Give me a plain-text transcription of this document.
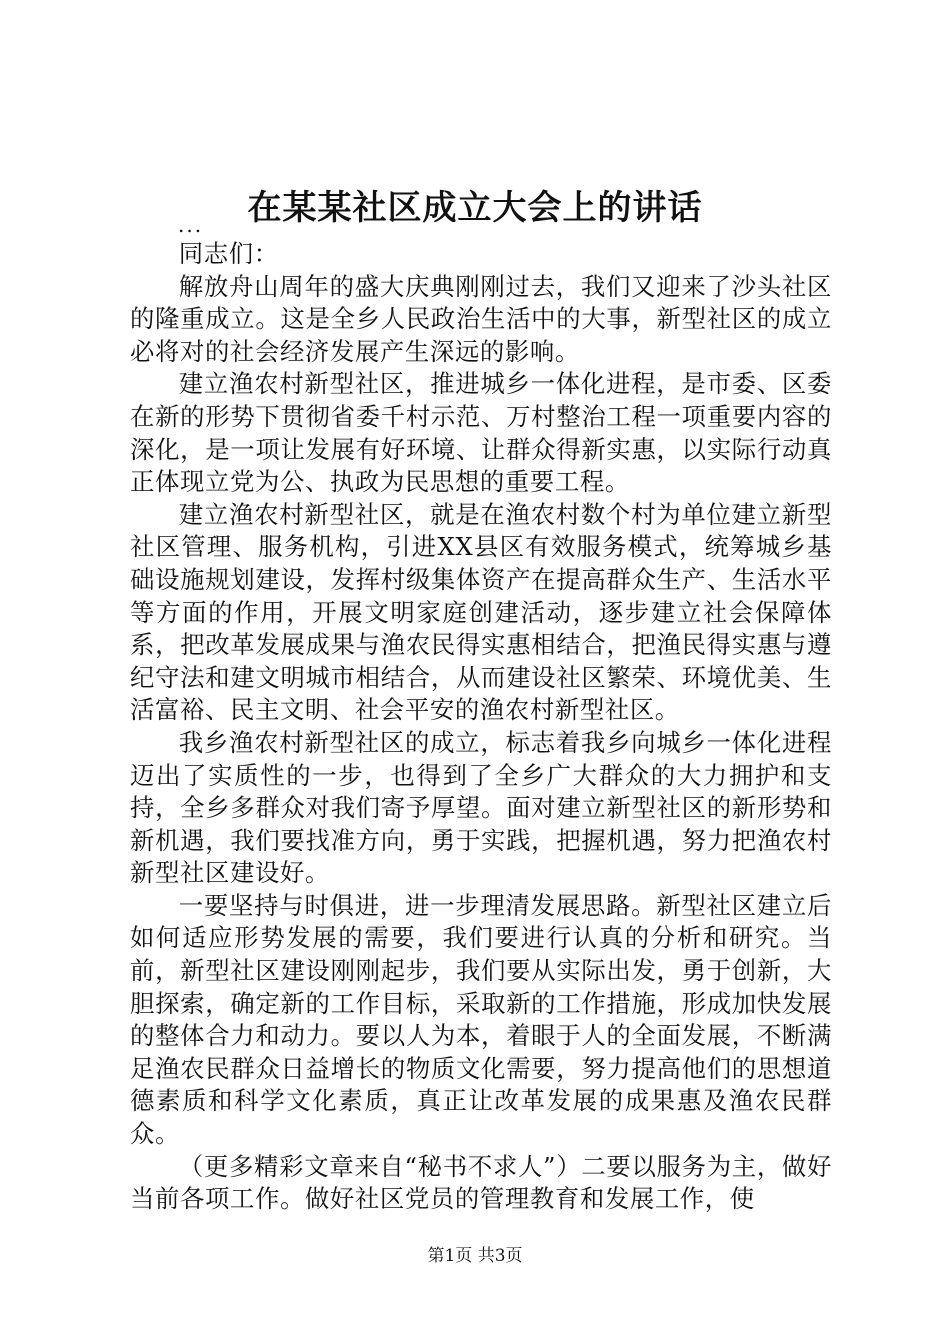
在某某社区成立大会上的讲话
...

同志们：

解放舟山周年的盛大庆典刚刚过去，我们又迎来了沙头社区的隆重成立。这是全乡人民政治生活中的大事，新型社区的成立必将对的社会经济发展产生深远的影响。

建立渔农村新型社区，推进城乡一体化进程，是市委、区委在新的形势下贯彻省委千村示范、万村整治工程一项重要内容的深化，是一项让发展有好环境、让群众得新实惠，以实际行动真正体现立党为公、执政为民思想的重要工程。

建立渔农村新型社区，就是在渔农村数个村为单位建立新型社区管理、服务机构，引进XX县区有效服务模式，统筹城乡基础设施规划建设，发挥村级集体资产在提高群众生产、生活水平等方面的作用，开展文明家庭创建活动，逐步建立社会保障体系，把改革发展成果与渔农民得实惠相结合，把渔民得实惠与遵纪守法和建文明城市相结合，从而建设社区繁荣、环境优美、生活富裕、民主文明、社会平安的渔农村新型社区。

我乡渔农村新型社区的成立，标志着我乡向城乡一体化进程迈出了实质性的一步，也得到了全乡广大群众的大力拥护和支持，全乡多群众对我们寄予厚望。面对建立新型社区的新形势和新机遇，我们要找准方向，勇于实践，把握机遇，努力把渔农村新型社区建设好。

一要坚持与时俱进，进一步理清发展思路。新型社区建立后如何适应形势发展的需要，我们要进行认真的分析和研究。当前，新型社区建设刚刚起步，我们要从实际出发，勇于创新，大胆探索，确定新的工作目标，采取新的工作措施，形成加快发展的整体合力和动力。要以人为本，着眼于人的全面发展，不断满足渔农民群众日益增长的物质文化需要，努力提高他们的思想道德素质和科学文化素质，真正让改革发展的成果惠及渔农民群众。

（更多精彩文章来自“秘书不求人”）二要以服务为主，做好当前各项工作。做好社区党员的管理教育和发展工作，使

第1页 共3页
